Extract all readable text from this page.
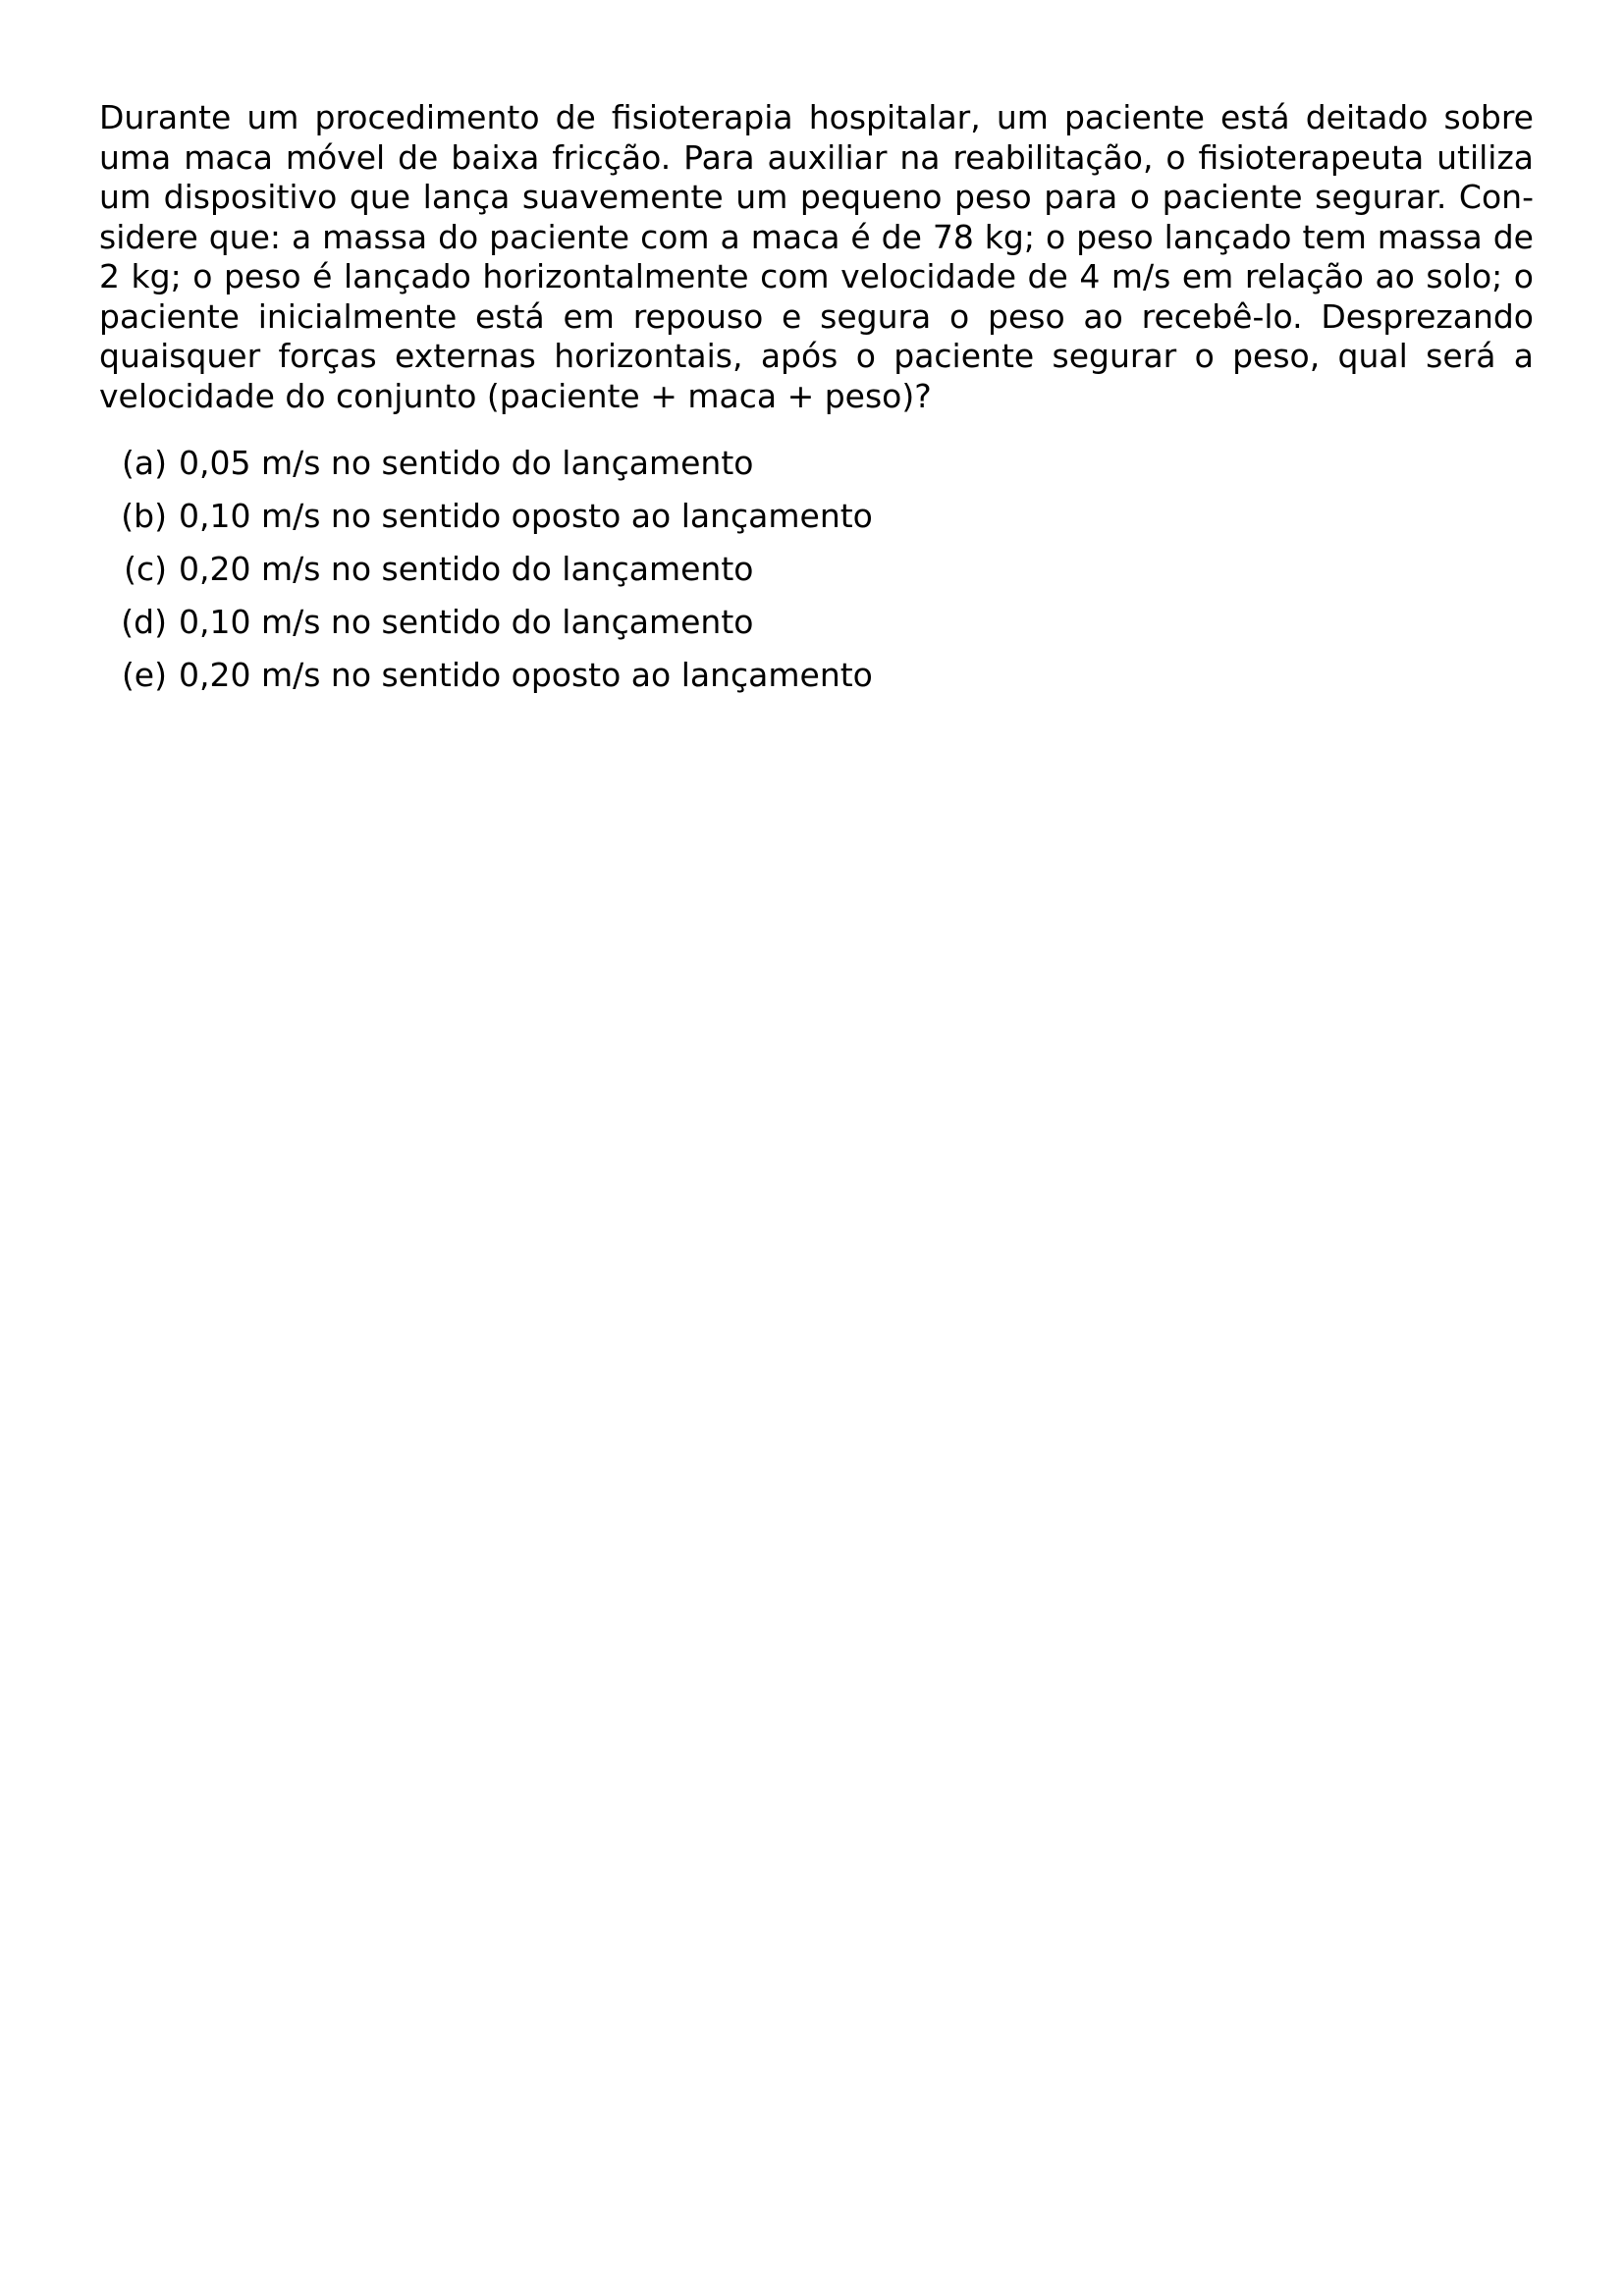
Durante um procedimento de fisioterapia hospitalar, um paciente está deitado sobre uma maca móvel de baixa fricção. Para auxiliar na reabilitação, o fisioterapeuta utiliza um dispositivo que lança suavemente um pequeno peso para o paciente segurar. Considere que: a massa do paciente com a maca é de 78 kg; o peso lançado tem massa de 2 kg; o peso é lançado horizontalmente com velocidade de 4 m/s em relação ao solo; o paciente inicialmente está em repouso e segura o peso ao recebê-lo. Desprezando quaisquer forças externas horizontais, após o paciente segurar o peso, qual será a velocidade do conjunto (paciente + maca + peso)?

(a) 0,05 m/s no sentido do lançamento
(b) 0,10 m/s no sentido oposto ao lançamento
(c) 0,20 m/s no sentido do lançamento
(d) 0,10 m/s no sentido do lançamento
(e) 0,20 m/s no sentido oposto ao lançamento
